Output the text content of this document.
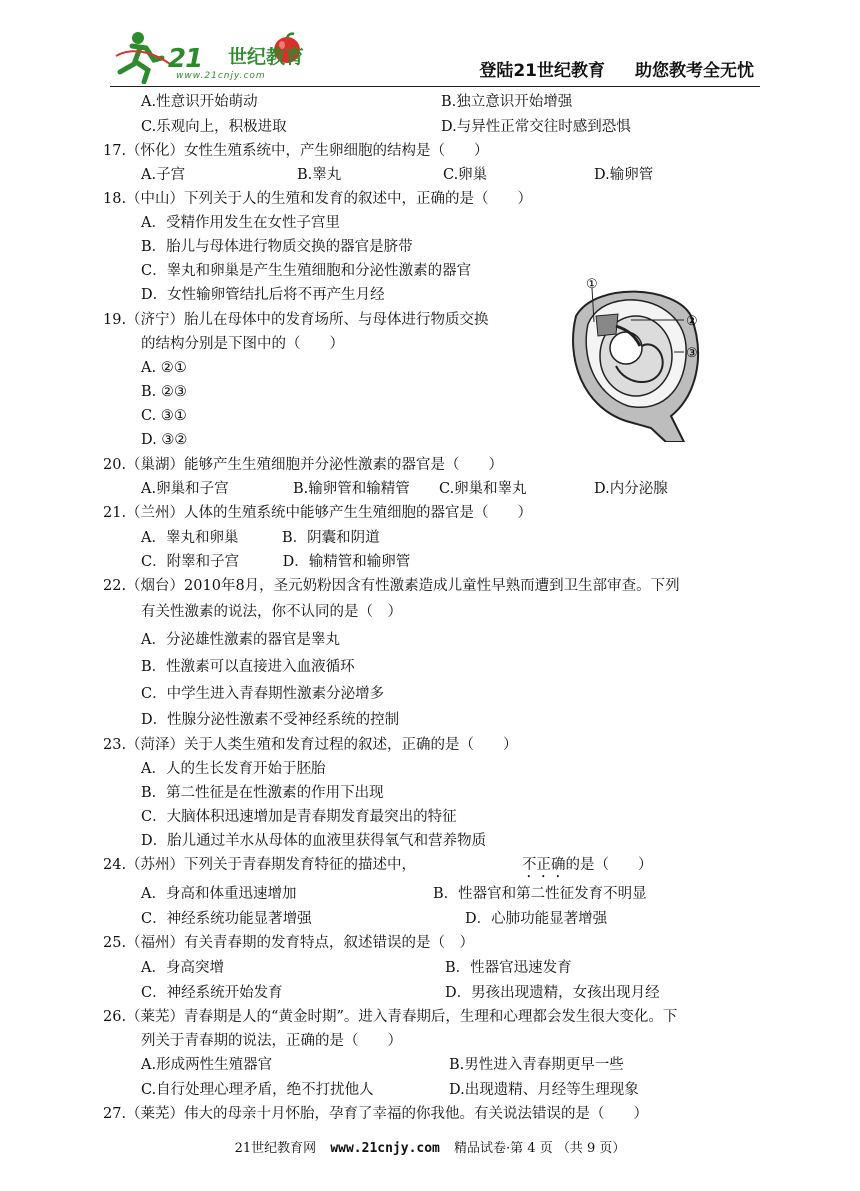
21 世纪教育
www.21cnjy.com	登陆21世纪教育 助您教考全无忧
A.性意识开始萌动	B.独立意识开始增强
C.乐观向上，积极进取	D.与异性正常交往时感到恐惧
17.（怀化）女性生殖系统中，产生卵细胞的结构是（　　）
A.子宫	B.睾丸	C.卵巢	D.输卵管
18.（中山）下列关于人的生殖和发育的叙述中，正确的是（　　）
A．受精作用发生在女性子宫里
B．胎儿与母体进行物质交换的器官是脐带
C．睾丸和卵巢是产生生殖细胞和分泌性激素的器官
D．女性输卵管结扎后将不再产生月经
19.（济宁）胎儿在母体中的发育场所、与母体进行物质交换
的结构分别是下图中的（　　）
A. ②①
B. ②③
C. ③①
D. ③②
20.（巢湖）能够产生生殖细胞并分泌性激素的器官是（　　）
A.卵巢和子宫	B.输卵管和输精管 C.卵巢和睾丸	D.内分泌腺
21.（兰州）人体的生殖系统中能够产生生殖细胞的器官是（　　）
A．睾丸和卵巢　　　B．阴囊和阴道
C．附睾和子宫　　　D．输精管和输卵管
22.（烟台）2010年8月，圣元奶粉因含有性激素造成儿童性早熟而遭到卫生部审查。下列
有关性激素的说法，你不认同的是（　）
A．分泌雄性激素的器官是睾丸
B．性激素可以直接进入血液循环
C．中学生进入青春期性激素分泌增多
D．性腺分泌性激素不受神经系统的控制
23.（菏泽）关于人类生殖和发育过程的叙述，正确的是（　　）
A．人的生长发育开始于胚胎
B．第二性征是在性激素的作用下出现
C．大脑体积迅速增加是青春期发育最突出的特征
D．胎儿通过羊水从母体的血液里获得氧气和营养物质
24.（苏州）下列关于青春期发育特征的描述中，
A．身高和体重迅速增加	B．性器官和第二性征发育不明显
C．神经系统功能显著增强	D．心肺功能显著增强
25.（福州）有关青春期的发育特点，叙述错误的是（　）
A．身高突增	B．性器官迅速发育
C．神经系统开始发育	D．男孩出现遗精，女孩出现月经
26.（莱芜）青春期是人的“黄金时期”。进入青春期后，生理和心理都会发生很大变化。下
列关于青春期的说法，正确的是（　　）
A.形成两性生殖器官	B.男性进入青春期更早一些
C.自行处理心理矛盾，绝不打扰他人	D.出现遗精、月经等生理现象
27.（莱芜）伟大的母亲十月怀胎，孕育了幸福的你我他。有关说法错误的是（　　）
不正确的是（　　）
①
②
③
21世纪教育网 www.21cnjy.com 精品试卷·第 4 页 （共 9 页）
